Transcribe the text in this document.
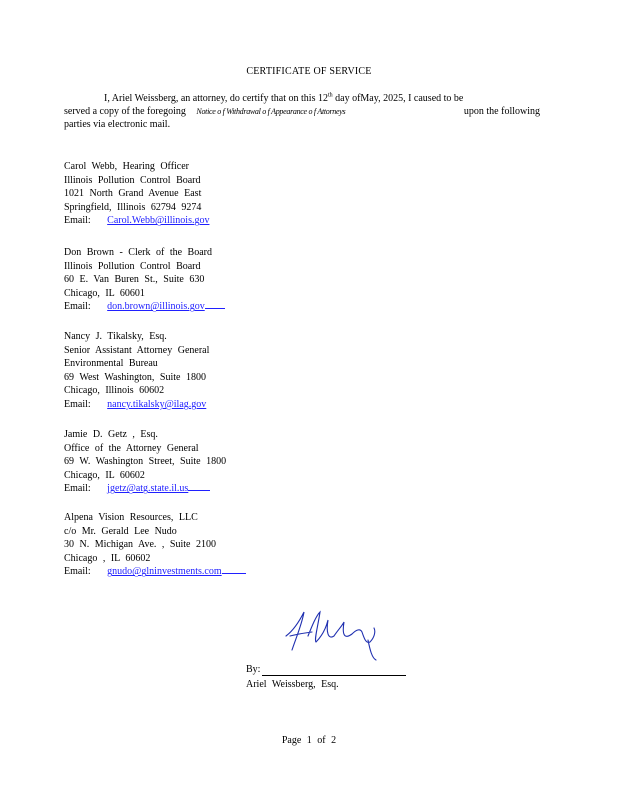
CERTIFICATE OF SERVICE
I, Ariel Weissberg, an attorney, do certify that on this 12th day ofMay, 2025, I caused to be
served a copy of the foregoing Notice o f Withdrawal o f Appearance o f Attorneys	upon the following
parties via electronic mail.
Carol Webb, Hearing Officer
Illinois Pollution Control Board
1021 North Grand Avenue East
Springfield, Illinois 62794 9274
Email: Carol.Webb@illinois.gov
Don Brown - Clerk of the Board
Illinois Pollution Control Board
60 E. Van Buren St., Suite 630
Chicago, IL 60601
Email: don.brown@illinois.gov
Nancy J. Tikalsky, Esq.
Senior Assistant Attorney General
Environmental Bureau
69 West Washington, Suite 1800
Chicago, Illinois 60602
Email: nancy.tikalsky@ilag.gov
Jamie D. Getz , Esq.
Office of the Attorney General
69 W. Washington Street, Suite 1800
Chicago, IL 60602
Email: jgetz@atg.state.il.us
Alpena Vision Resources, LLC
c/o Mr. Gerald Lee Nudo
30 N. Michigan Ave. , Suite 2100
Chicago , IL 60602
Email: gnudo@glninvestments.com
By:
Ariel Weissberg, Esq.
Page 1 of 2
